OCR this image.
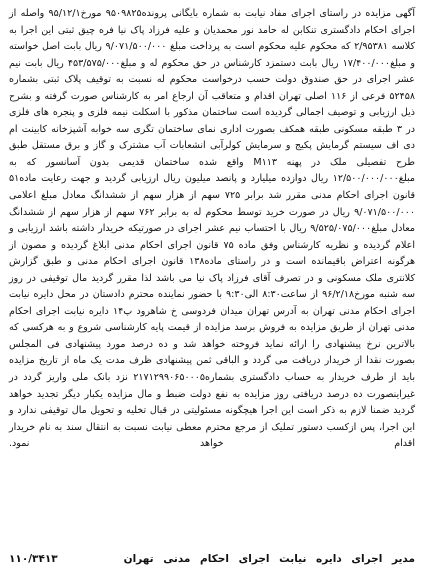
آگهی مزایده در راستای اجرای مفاد نیابت به شماره بایگانی پرونده۹۵۰۹۸۲۵ مورخ۹۵/۱۲/۱ واصله از اجرای احکام دادگستری تنکابن له حامد نور محمدیان و علیه فرزاد پاک نیا فره چیق ثبتی این اجرا به کلاسه ۲/۹۵۳۸۱ که محکوم علیه محکوم است به پرداخت مبلغ ۹/۰۷۱/۵۰۰/۰۰۰ ریال بابت اصل خواسته و مبلغ۱۷/۴۰۰/۰۰۰ ریال بابت دستمزد کارشناس در حق محکوم له و مبلغ۴۵۳/۵۷۵/۰۰۰ ریال بابت نیم عشر اجرای در حق صندوق دولت حسب درخواست محکوم له نسبت به توقیف پلاک ثبتی بشماره ۵۲۴۵۸ فرعی از ۱۱۶ اصلی تهران اقدام و متعاقب آن ارجاع امر به کارشناس صورت گرفته و بشرح ذیل ارزیابی و توصیف اجمالی گردیده است ساختمان مذکور با اسکلت نیمه فلزی و پنجره های فلزی در ۳ طبقه مسکونی طبقه همکف بصورت اداری نمای ساختمان تگری سه خوابه آشپزخانه کابینت ام دی اف سیستم گرمایش پکیج و سرمایش کولرآبی انشعابات آب مشترک و گاز و برق مستقل طبق طرح تفصیلی ملک در پهنه M۱۱۳ واقع شده ساختمان قدیمی بدون آسانسور که به مبلغ۱۲/۵۰۰/۰۰۰/۰۰۰ ریال دوازده میلیارد و پانصد میلیون ریال ارزیابی گردید و جهت رعایت ماده۵۱ قانون اجرای احکام مدنی مقرر شد برابر ۷۲۵ سهم از هزار سهم از ششدانگ معادل مبلغ اعلامی ۹/۰۷۱/۵۰۰/۰۰۰ ریال در صورت خرید توسط محکوم له به برابر ۷۶۲ سهم از هزار سهم از ششدانگ معادل مبلغ۹/۵۲۵/۰۷۵/۰۰۰ ریال با احتساب نیم عشر اجرای در صورتیکه خریدار داشته باشد ارزیابی و اعلام گردیده و نظریه کارشناس وفق ماده ۷۵ قانون اجرای احکام مدنی ابلاغ گردیده و مصون از هرگونه اعتراض باقیمانده است و در راستای ماده۱۳۸ قانون اجرای احکام مدنی و طبق گزارش کلانتری ملک مسکونی و در تصرف آقای فرزاد پاک نیا می باشد لذا مقرر گردید مال توقیفی در روز سه شنبه مورخ۹۶/۲/۱۸ از ساعت۸:۳۰ الی۹:۳۰ با حضور نماینده محترم دادستان در محل دایره نیابت اجرای احکام مدنی تهران به آدرس تهران میدان فردوسی خ شاهرود پ۱۴ دایره نیابت اجرای احکام مدنی تهران از طریق مزایده به فروش برسد مزایده از قیمت پایه کارشناسی شروع و به هرکسی که بالاترین نرخ پیشنهادی را ارائه نماید فروخته خواهد شد و ده درصد مورد پیشنهادی فی المجلس بصورت نقدا از خریدار دریافت می گردد و الباقی ثمن پیشنهادی ظرف مدت یک ماه از تاریخ مزایده باید از طرف خریدار به حساب دادگستری بشماره۲۱۷۱۲۹۹۰۶۵۰۰۰۵ نزد بانک ملی واریز گردد در غیراینصورت ده درصد دریافتی روز مزایده به نفع دولت ضبط و مال مزایده یکبار دیگر تجدید خواهد گردید ضمنا لازم به ذکر است این اجرا هیچگونه مسئولیتی در قبال تخلیه و تحویل مال توقیفی ندارد و این اجرا، پس ازکسب دستور تملیک از مرجع محترم معطی نیابت نسبت به انتقال سند به نام خریدار اقدام خواهد نمود.
مدیر اجرای دایره نیابت اجرای احکام مدنی تهران
۱۱۰/۳۴۱۳
